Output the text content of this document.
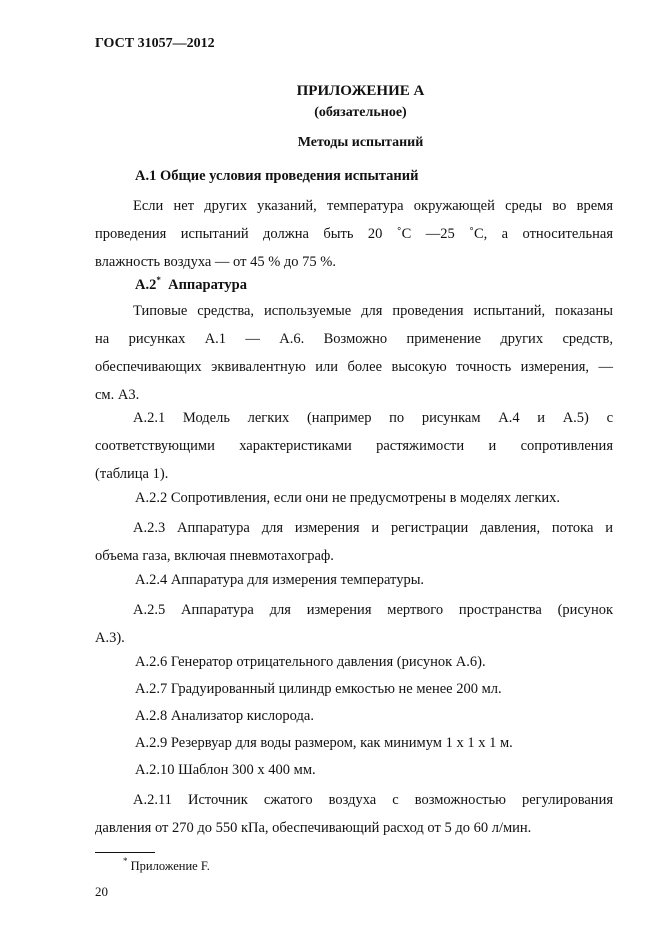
ГОСТ 31057—2012
ПРИЛОЖЕНИЕ А
(обязательное)
Методы испытаний
А.1 Общие условия проведения испытаний
Если нет других указаний, температура окружающей среды во время
проведения испытаний должна быть 20 ˚С —25 ˚С, а относительная
влажность воздуха — от 45 % до 75 %.
А.2* Аппаратура
Типовые средства, используемые для проведения испытаний, показаны
на рисунках А.1 — А.6. Возможно применение других средств,
обеспечивающих эквивалентную или более высокую точность измерения, —
см. А3.
А.2.1 Модель легких (например по рисункам А.4 и А.5) с
соответствующими характеристиками растяжимости и сопротивления
(таблица 1).
А.2.2 Сопротивления, если они не предусмотрены в моделях легких.
А.2.3 Аппаратура для измерения и регистрации давления, потока и
объема газа, включая пневмотахограф.
А.2.4 Аппаратура для измерения температуры.
А.2.5 Аппаратура для измерения мертвого пространства (рисунок
А.3).
А.2.6 Генератор отрицательного давления (рисунок А.6).
А.2.7 Градуированный цилиндр емкостью не менее 200 мл.
А.2.8 Анализатор кислорода.
А.2.9 Резервуар для воды размером, как минимум 1 х 1 х 1 м.
А.2.10 Шаблон 300 х 400 мм.
А.2.11 Источник сжатого воздуха с возможностью регулирования
давления от 270 до 550 кПа, обеспечивающий расход от 5 до 60 л/мин.
* Приложение F.
20
